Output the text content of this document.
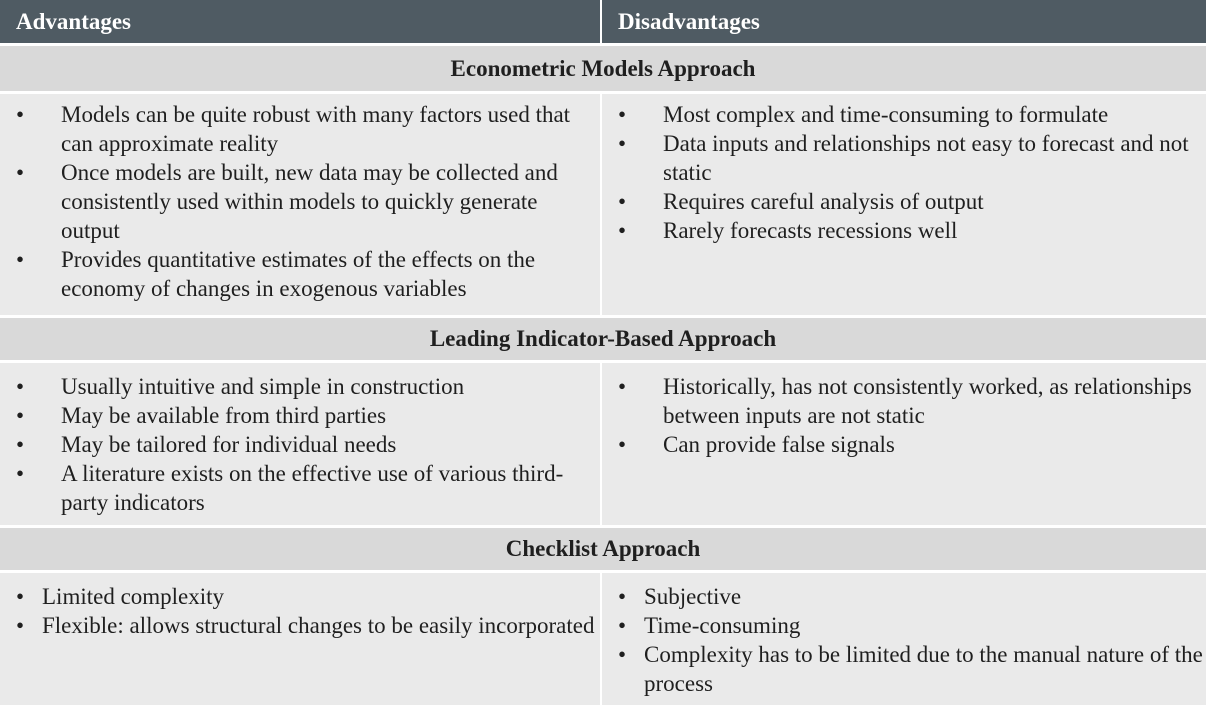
Advantages	Disadvantages
Econometric Models Approach
• Models can be quite robust with many factors used that can approximate reality
• Once models are built, new data may be collected and consistently used within models to quickly generate output
• Provides quantitative estimates of the effects on the economy of changes in exogenous variables
• Most complex and time-consuming to formulate
• Data inputs and relationships not easy to forecast and not static
• Requires careful analysis of output
• Rarely forecasts recessions well
Leading Indicator-Based Approach
• Usually intuitive and simple in construction
• May be available from third parties
• May be tailored for individual needs
• A literature exists on the effective use of various third-party indicators
• Historically, has not consistently worked, as relationships between inputs are not static
• Can provide false signals
Checklist Approach
• Limited complexity
• Flexible: allows structural changes to be easily incorporated
• Subjective
• Time-consuming
• Complexity has to be limited due to the manual nature of the process
